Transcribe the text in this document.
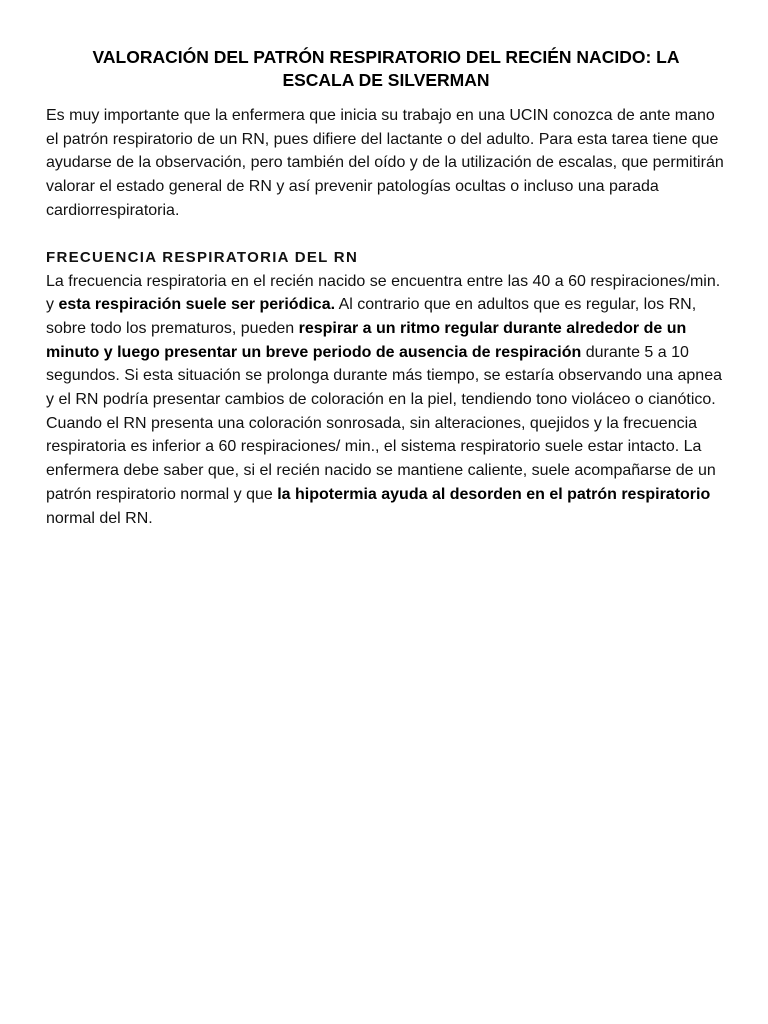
VALORACIÓN DEL PATRÓN RESPIRATORIO DEL RECIÉN NACIDO: LA
ESCALA DE SILVERMAN

Es muy importante que la enfermera que inicia su trabajo en una UCIN conozca de ante mano el patrón respiratorio de un RN, pues difiere del lactante o del adulto. Para esta tarea tiene que ayudarse de la observación, pero también del oído y de la utilización de escalas, que permitirán valorar el estado general de RN y así prevenir patologías ocultas o incluso una parada cardiorrespiratoria.

FRECUENCIA RESPIRATORIA DEL RN

La frecuencia respiratoria en el recién nacido se encuentra entre las 40 a 60 respiraciones/min. y esta respiración suele ser periódica. Al contrario que en adultos que es regular, los RN, sobre todo los prematuros, pueden respirar a un ritmo regular durante alrededor de un minuto y luego presentar un breve periodo de ausencia de respiración durante 5 a 10 segundos. Si esta situación se prolonga durante más tiempo, se estaría observando una apnea y el RN podría presentar cambios de coloración en la piel, tendiendo tono violáceo o cianótico.

Cuando el RN presenta una coloración sonrosada, sin alteraciones, quejidos y la frecuencia respiratoria es inferior a 60 respiraciones/ min., el sistema respiratorio suele estar intacto. La enfermera debe saber que, si el recién nacido se mantiene caliente, suele acompañarse de un patrón respiratorio normal y que la hipotermia ayuda al desorden en el patrón respiratorio normal del RN.
